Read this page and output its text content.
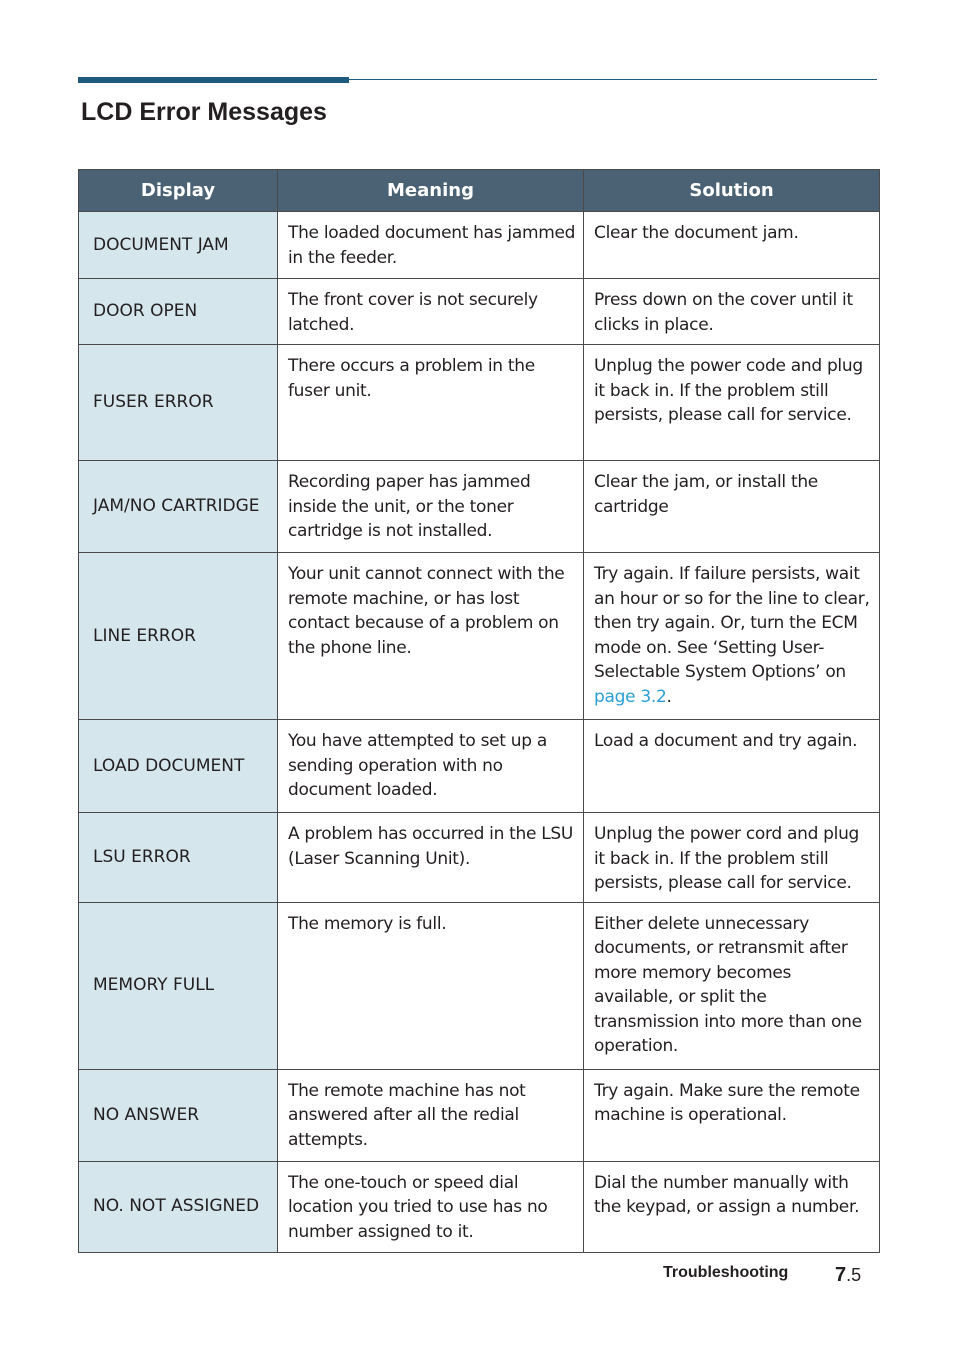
LCD Error Messages
Display	Meaning	Solution
DOCUMENT JAM	The loaded document has jammed in the feeder.	Clear the document jam.
DOOR OPEN	The front cover is not securely latched.	Press down on the cover until it clicks in place.
FUSER ERROR	There occurs a problem in the fuser unit.	Unplug the power code and plug it back in. If the problem still persists, please call for service.
JAM/NO CARTRIDGE	Recording paper has jammed inside the unit, or the toner cartridge is not installed.	Clear the jam, or install the cartridge
LINE ERROR	Your unit cannot connect with the remote machine, or has lost contact because of a problem on the phone line.	Try again. If failure persists, wait an hour or so for the line to clear, then try again. Or, turn the ECM mode on. See ‘Setting User-Selectable System Options’ on page 3.2.
LOAD DOCUMENT	You have attempted to set up a sending operation with no document loaded.	Load a document and try again.
LSU ERROR	A problem has occurred in the LSU (Laser Scanning Unit).	Unplug the power cord and plug it back in. If the problem still persists, please call for service.
MEMORY FULL	The memory is full.	Either delete unnecessary documents, or retransmit after more memory becomes available, or split the transmission into more than one operation.
NO ANSWER	The remote machine has not answered after all the redial attempts.	Try again. Make sure the remote machine is operational.
NO. NOT ASSIGNED	The one-touch or speed dial location you tried to use has no number assigned to it.	Dial the number manually with the keypad, or assign a number.
Troubleshooting 7.5
